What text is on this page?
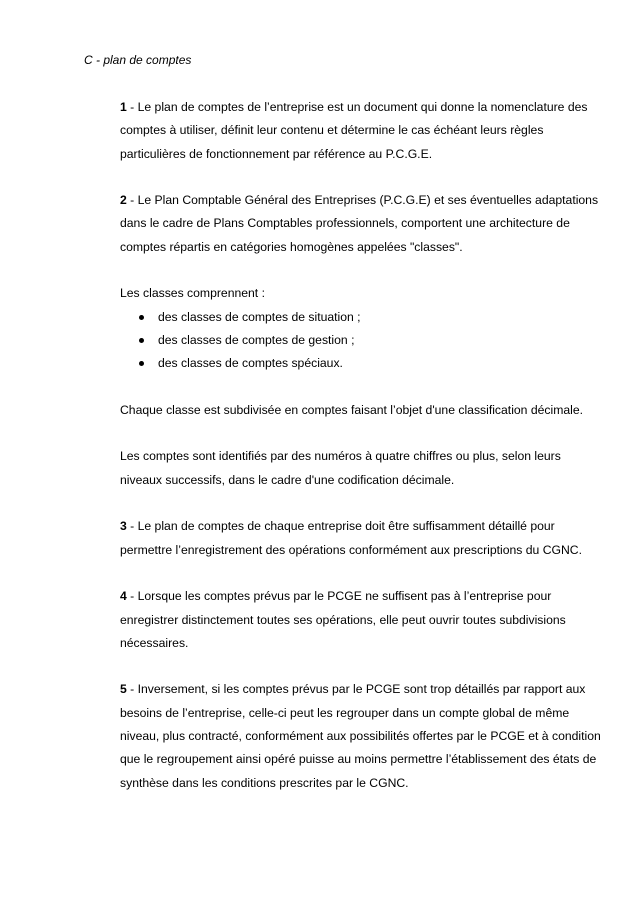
C - plan de comptes

1 - Le plan de comptes de l’entreprise est un document qui donne la nomenclature des comptes à utiliser, définit leur contenu et détermine le cas échéant leurs règles particulières de fonctionnement par référence au P.C.G.E.

2 - Le Plan Comptable Général des Entreprises (P.C.G.E) et ses éventuelles adaptations dans le cadre de Plans Comptables professionnels, comportent une architecture de comptes répartis en catégories homogènes appelées "classes".

Les classes comprennent :

des classes de comptes de situation ;
des classes de comptes de gestion ;
des classes de comptes spéciaux.

Chaque classe est subdivisée en comptes faisant l’objet d'une classification décimale.

Les comptes sont identifiés par des numéros à quatre chiffres ou plus, selon leurs niveaux successifs, dans le cadre d'une codification décimale.

3 - Le plan de comptes de chaque entreprise doit être suffisamment détaillé pour permettre l’enregistrement des opérations conformément aux prescriptions du CGNC.

4 - Lorsque les comptes prévus par le PCGE ne suffisent pas à l’entreprise pour enregistrer distinctement toutes ses opérations, elle peut ouvrir toutes subdivisions nécessaires.

5 - Inversement, si les comptes prévus par le PCGE sont trop détaillés par rapport aux besoins de l’entreprise, celle-ci peut les regrouper dans un compte global de même niveau, plus contracté, conformément aux possibilités offertes par le PCGE et à condition que le regroupement ainsi opéré puisse au moins permettre l’établissement des états de synthèse dans les conditions prescrites par le CGNC.
